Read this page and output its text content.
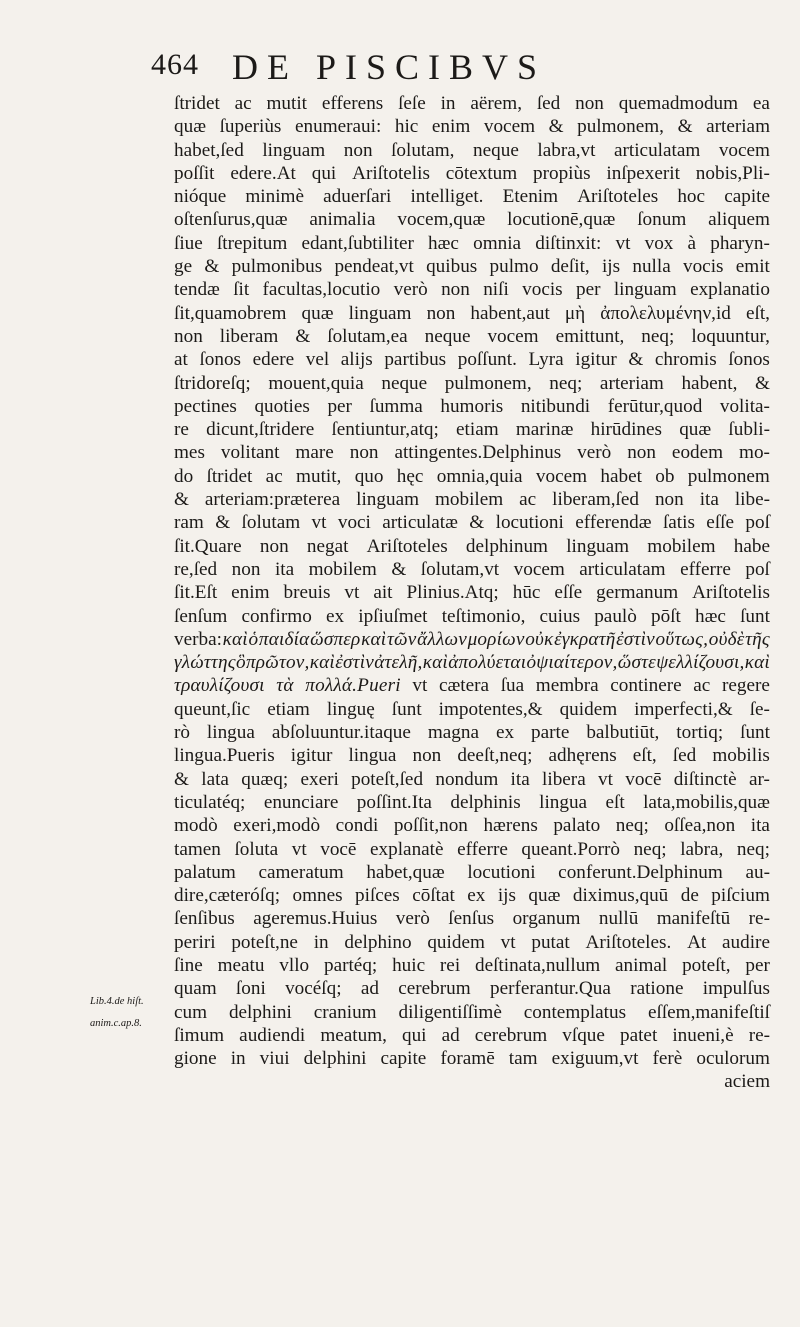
464 DE PISCIBVS
Lib.4.de hiſt.
anim.c.ap.8.
ſtridet ac mutit efferens ſeſe in aërem, ſed non quemadmodum ea
quæ ſuperiùs enumeraui: hic enim vocem & pulmonem, & arteriam
habet,ſed linguam non ſolutam, neque labra,vt articulatam vocem
poſſit edere.At qui Ariſtotelis cōtextum propiùs inſpexerit nobis,Pli-
nióque minimè aduerſari intelliget. Etenim Ariſtoteles hoc capite
oſtenſurus,quæ animalia vocem,quæ locutionē,quæ ſonum aliquem
ſiue ſtrepitum edant,ſubtiliter hæc omnia diſtinxit: vt vox à pharyn-
ge & pulmonibus pendeat,vt quibus pulmo deſit, ijs nulla vocis emit
tendæ ſit facultas,locutio verò non niſi vocis per linguam explanatio
ſit,quamobrem quæ linguam non habent,aut μὴ ἀπολελυμένην,id eſt,
non liberam & ſolutam,ea neque vocem emittunt, neq; loquuntur,
at ſonos edere vel alijs partibus poſſunt. Lyra igitur & chromis ſonos
ſtridoreſq; mouent,quia neque pulmonem, neq; arteriam habent, &
pectines quoties per ſumma humoris nitibundi ferūtur,quod volita-
re dicunt,ſtridere ſentiuntur,atq; etiam marinæ hirūdines quæ ſubli-
mes volitant mare non attingentes.Delphinus verò non eodem mo-
do ſtridet ac mutit, quo hęc omnia,quia vocem habet ob pulmonem
& arteriam:præterea linguam mobilem ac liberam,ſed non ita libe-
ram & ſolutam vt voci articulatæ & locutioni efferendæ ſatis eſſe poſ
ſit.Quare non negat Ariſtoteles delphinum linguam mobilem habe
re,ſed non ita mobilem & ſolutam,vt vocem articulatam efferre poſ
ſit.Eſt enim breuis vt ait Plinius.Atq; hūc eſſe germanum Ariſtotelis
ſenſum confirmo ex ipſiuſmet teſtimonio, cuius paulò pōſt hæc ſunt
verba: καὶ ὁ παιδία ὥσπερ καὶ τῶν ἄλλων μορίων οὐκ ἐγκρατῆ ἐστὶν οὕτως, οὐδὲ τῆς
γλώττης ὃ πρῶτον, καὶ ἐστὶν ἀτελῆ, καὶ ἀπολύεται ὀψιαίτερον, ὥστε ψελλίζουσι, καὶ
τραυλίζουσι τὰ πολλά.Pueri vt cætera ſua membra continere ac regere
queunt,ſic etiam linguę ſunt impotentes,& quidem imperfecti,& ſe-
rò lingua abſoluuntur.itaque magna ex parte balbutiūt, tortiq; ſunt
lingua.Pueris igitur lingua non deeſt,neq; adhęrens eſt, ſed mobilis
& lata quæq; exeri poteſt,ſed nondum ita libera vt vocē diſtinctè ar-
ticulatéq; enunciare poſſint.Ita delphinis lingua eſt lata,mobilis,quæ
modò exeri,modò condi poſſit,non hærens palato neq; oſſea,non ita
tamen ſoluta vt vocē explanatè efferre queant.Porrò neq; labra, neq;
palatum cameratum habet,quæ locutioni conferunt.Delphinum au-
dire,cæteróſq; omnes piſces cōſtat ex ijs quæ diximus,quū de piſcium
ſenſibus ageremus.Huius verò ſenſus organum nullū manifeſtū re-
periri poteſt,ne in delphino quidem vt putat Ariſtoteles. At audire
ſine meatu vllo partéq; huic rei deſtinata,nullum animal poteſt, per
quam ſoni vocéſq; ad cerebrum perferantur.Qua ratione impulſus
cum delphini cranium diligentiſſimè contemplatus eſſem,manifeſtiſ
ſimum audiendi meatum, qui ad cerebrum vſque patet inueni,è re-
gione in viui delphini capite foramē tam exiguum,vt ferè oculorum
aciem
